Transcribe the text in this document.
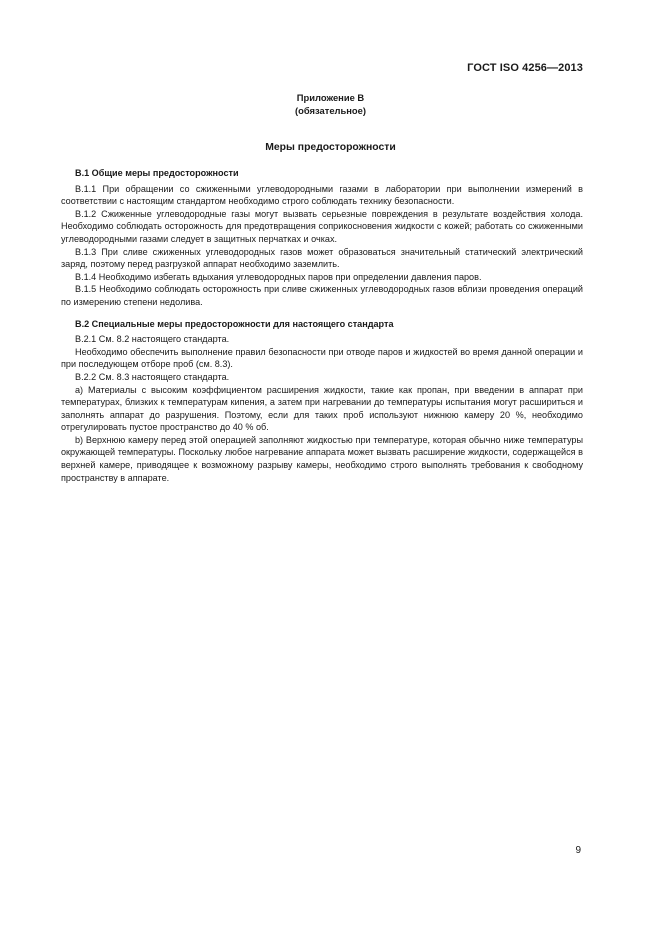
ГОСТ ISO 4256—2013
Приложение В
(обязательное)
Меры предосторожности

В.1 Общие меры предосторожности

В.1.1 При обращении со сжиженными углеводородными газами в лаборатории при выполнении измерений в соответствии с настоящим стандартом необходимо строго соблюдать технику безопасности.

В.1.2 Сжиженные углеводородные газы могут вызвать серьезные повреждения в результате воздействия холода. Необходимо соблюдать осторожность для предотвращения соприкосновения жидкости с кожей; работать со сжиженными углеводородными газами следует в защитных перчатках и очках.

В.1.3 При сливе сжиженных углеводородных газов может образоваться значительный статический электрический заряд, поэтому перед разгрузкой аппарат необходимо заземлить.

В.1.4 Необходимо избегать вдыхания углеводородных паров при определении давления паров.

В.1.5 Необходимо соблюдать осторожность при сливе сжиженных углеводородных газов вблизи проведения операций по измерению степени недолива.

В.2 Специальные меры предосторожности для настоящего стандарта

В.2.1 См. 8.2 настоящего стандарта.

Необходимо обеспечить выполнение правил безопасности при отводе паров и жидкостей во время данной операции и при последующем отборе проб (см. 8.3).

В.2.2 См. 8.3 настоящего стандарта.

а) Материалы с высоким коэффициентом расширения жидкости, такие как пропан, при введении в аппарат при температурах, близких к температурам кипения, а затем при нагревании до температуры испытания могут расшириться и заполнять аппарат до разрушения. Поэтому, если для таких проб используют нижнюю камеру 20 %, необходимо отрегулировать пустое пространство до 40 % об.

b) Верхнюю камеру перед этой операцией заполняют жидкостью при температуре, которая обычно ниже температуры окружающей температуры. Поскольку любое нагревание аппарата может вызвать расширение жидкости, содержащейся в верхней камере, приводящее к возможному разрыву камеры, необходимо строго выполнять требования к свободному пространству в аппарате.

9
